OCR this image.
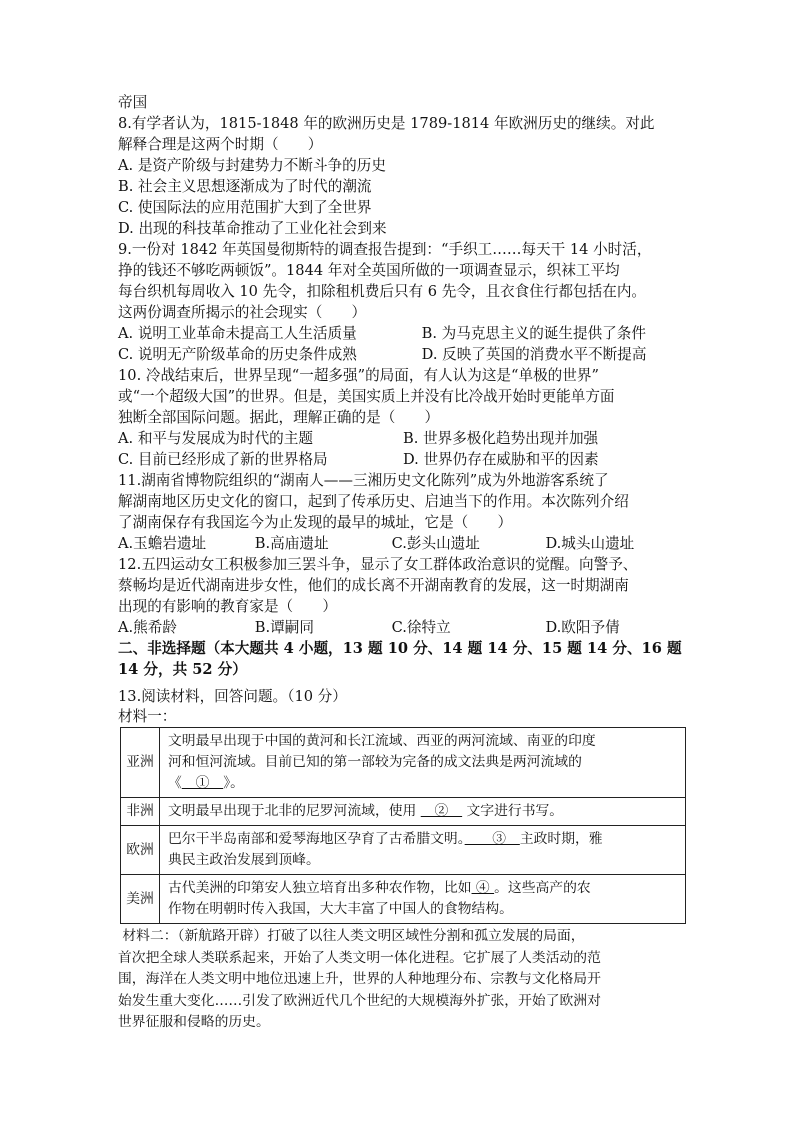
帝国
8.有学者认为，1815-1848 年的欧洲历史是 1789-1814 年欧洲历史的继续。对此
解释合理是这两个时期（　　）
A. 是资产阶级与封建势力不断斗争的历史
B. 社会主义思想逐渐成为了时代的潮流
C. 使国际法的应用范围扩大到了全世界
D. 出现的科技革命推动了工业化社会到来
9.一份对 1842 年英国曼彻斯特的调查报告提到：“手织工……每天干 14 小时活，
挣的钱还不够吃两顿饭”。1844 年对全英国所做的一项调查显示，织袜工平均
每台织机每周收入 10 先令，扣除租机费后只有 6 先令，且衣食住行都包括在内。
这两份调查所揭示的社会现实（　　）
A. 说明工业革命未提高工人生活质量	B. 为马克思主义的诞生提供了条件
C. 说明无产阶级革命的历史条件成熟	D. 反映了英国的消费水平不断提高
10. 冷战结束后，世界呈现“一超多强”的局面，有人认为这是“单极的世界”
或“一个超级大国”的世界。但是，美国实质上并没有比冷战开始时更能单方面
独断全部国际问题。据此，理解正确的是（　　）
A. 和平与发展成为时代的主题	B. 世界多极化趋势出现并加强
C. 目前已经形成了新的世界格局	D. 世界仍存在威胁和平的因素
11.湖南省博物院组织的“湖南人——三湘历史文化陈列”成为外地游客系统了
解湖南地区历史文化的窗口，起到了传承历史、启迪当下的作用。本次陈列介绍
了湖南保存有我国迄今为止发现的最早的城址，它是（　　）
A.玉蟾岩遗址	B.高庙遗址	C.彭头山遗址	D.城头山遗址
12.五四运动女工积极参加三罢斗争，显示了女工群体政治意识的觉醒。向警予、
蔡畅均是近代湖南进步女性，他们的成长离不开湖南教育的发展，这一时期湖南
出现的有影响的教育家是（　　）
A.熊希龄	B.谭嗣同	C.徐特立	D.欧阳予倩
二、非选择题（本大题共 4 小题，13 题 10 分、14 题 14 分、15 题 14 分、16 题
14 分，共 52 分）
13.阅读材料，回答问题。（10 分）
材料一：
亚洲	文明最早出现于中国的黄河和长江流域、西亚的两河流域、南亚的印度
河和恒河流域。目前已知的第一部较为完备的成文法典是两河流域的
《　①　》。

非洲	文明最早出现于北非的尼罗河流域，使用 　②　 文字进行书写。

欧洲	巴尔干半岛南部和爱琴海地区孕育了古希腊文明。　　③　主政时期，雅
典民主政治发展到顶峰。

美洲	古代美洲的印第安人独立培育出多种农作物，比如 ④ 。这些高产的农
作物在明朝时传入我国，大大丰富了中国人的食物结构。
材料二：（新航路开辟）打破了以往人类文明区域性分割和孤立发展的局面，
首次把全球人类联系起来，开始了人类文明一体化进程。它扩展了人类活动的范
围，海洋在人类文明中地位迅速上升，世界的人种地理分布、宗教与文化格局开
始发生重大变化……引发了欧洲近代几个世纪的大规模海外扩张，开始了欧洲对
世界征服和侵略的历史。
